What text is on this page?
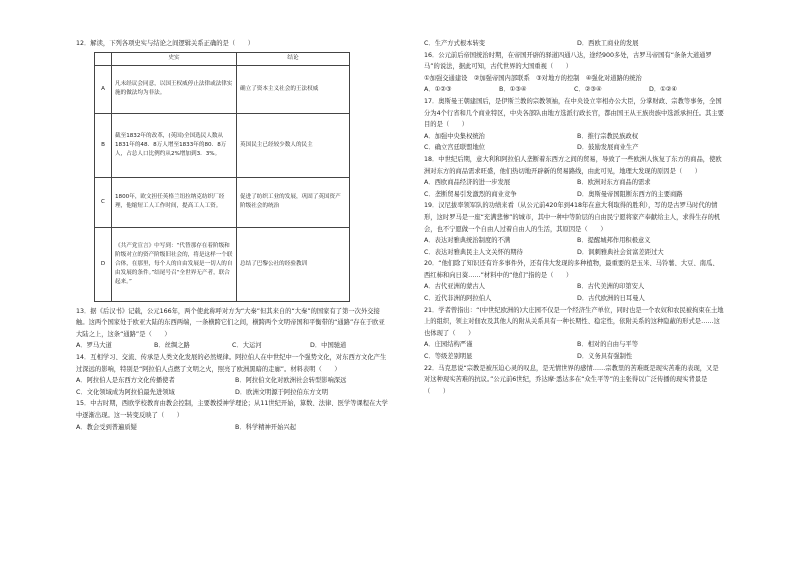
12．解读，下列各项史实与结论之间逻辑关系正确的是（　　）

	史实	结论
A	凡未经议会同意，以国王权威停止法律或法律实施的做法均为非法。	确立了资本主义社会的王法权威
B	截至1832年的改革，(英国)全国选民人数从1831年的48．8万人增至1833年的80．8万人，占总人口比例约从2%增加到3．3%。	英国民主已经较少数人的民主
C	1800年，欧文担任英格兰纽拉纳克纺织厂经理，他缩短工人工作时间，提高工人工资。	促进了纺织工业的发展，巩固了英国资产阶级社会的统治
D	《共产党宣言》中写到：“代替那存在着阶级和阶级对立的资产阶级旧社会的，将是这样一个联合体，在那里，每个人的自由发展是一切人的自由发展的条件。”结尾号召“全世界无产者，联合起来。”	总结了巴黎公社的经验教训

13．据《后汉书》记载，公元166年，两个使此称呼对方为“大秦”但其来自的“大秦”的国家有了第一次外交接触。这两个国家处于欧亚大陆的东西两端，一条横跨它们之间，横跨两个文明帝国和平衡带的“通路”存在于欧亚大陆之上，这条“通路”是（　　）

A．罗马大道	B．丝绸之路	C．大运河	D．中国驰道

14．互相学习、交流、传承是人类文化发展的必然规律。阿拉伯人在中世纪中一个强势文化，对东西方文化产生过深远的影响，特别是“阿拉伯人点燃了文明之火，照亮了欧洲黑暗的走廊”。材料表明（　　）

A．阿拉伯人是东西方文化传播使者	B．阿拉伯文化对欧洲社会转型影响深远
C．文化领域成为阿拉伯最先进领域	D．欧洲文明源于阿拉伯东方文明

15．中古时期，西欧学校教育由教会控制，主要教授神学理论；从11世纪开始，算数、法律、医学等课程在大学中逐渐出现。这一转变反映了（　　）

A．教会受到普遍质疑	B．科学精神开始兴起
C．生产方式根本转变	D．西欧工商业的发展

16．公元前后帝国统治时期，在帝国开辟的驿道四通八达，途经900多处，古罗马帝国有“条条大道通罗马”的说法，据此可知，古代世界的大国重视（　　）

①加强交通建设　②加强帝国内部联系　③对地方的控制　④强化对道路的统治

A．①②③	B．①③④	C．②③④	D．①②④

17．奥斯曼王朝建国后，是伊斯兰教的宗教领袖，在中央设立宰相办公大臣，分掌财政、宗教等事务，全国分为4个行省和几个商业特区，中央各部队由地方选派行政长官，都由国王从王族贵族中选派承担任。其主要目的是（　　）

A．加强中央集权统治	B．推行宗教民族政权
C．确立宫廷联盟地位	D．鼓励发展商业生产

18．中世纪后期，意大利和阿拉伯人垄断着东西方之间的贸易，导致了一些欧洲人恢复了东方的商品，使欧洲对东方的商品需求旺盛，他们热切地开辟新的贸易路线，由此可见，地理大发现的原因是（　　）

A．西欧商品经济的进一步发展	B．欧洲对东方商品的需求
C．垄断贸易引发激烈的商业竞争	D．奥斯曼帝国阻断东西方的主要商路

19．汉尼拔率领军队的功绩来看（从公元前420年到418年在意大利取得的胜利），写的是古罗马时代的情形，这时罗马是一座“充满悲惨”的城市，其中一种中等阶层的自由民宁愿将家产奉献给主人，求得生存的机会，也不宁愿做一个自由人过着自由人的生活，其原因是（　　）

A．表达对雅典统治制度的不满	B．提醒城邦作用积极意义
C．表达对雅典民主人文关怀的期待	D．讽刺雅典社会贫富差距过大

20．“他们除了知识还有许多事件外，还有伟大发现的多种植物，最重要的是玉米、马铃薯、大豆、南瓜、西红柿和向日葵……”材料中的“他们”指的是（　　）

A．古代亚洲的蒙古人	B．古代美洲的印第安人
C．近代非洲的阿拉伯人	D．古代欧洲的日耳曼人

21．学者曾指出：“(中世纪欧洲的)大庄园不仅是一个经济生产单位，同时也是一个农奴和农民被拘束在土地上的组织，领主对佃农及其他人的附从关系具有一种长期性、稳定性，依附关系的这种隐蔽的形式是……这也体现了（　　）

A．庄园结构严谨	B．相对的自由与平等
C．等级差别明显	D．义务具有强制性

22．马克思说“宗教是被压迫心灵的叹息，是无情世界的感情……宗教里的苦难既是现实苦难的表现，又是对这种现实苦难的抗议。”公元前6世纪，乔达摩·悉达多在“众生平等”的主张得以广泛传播的现实背景是（　　）
